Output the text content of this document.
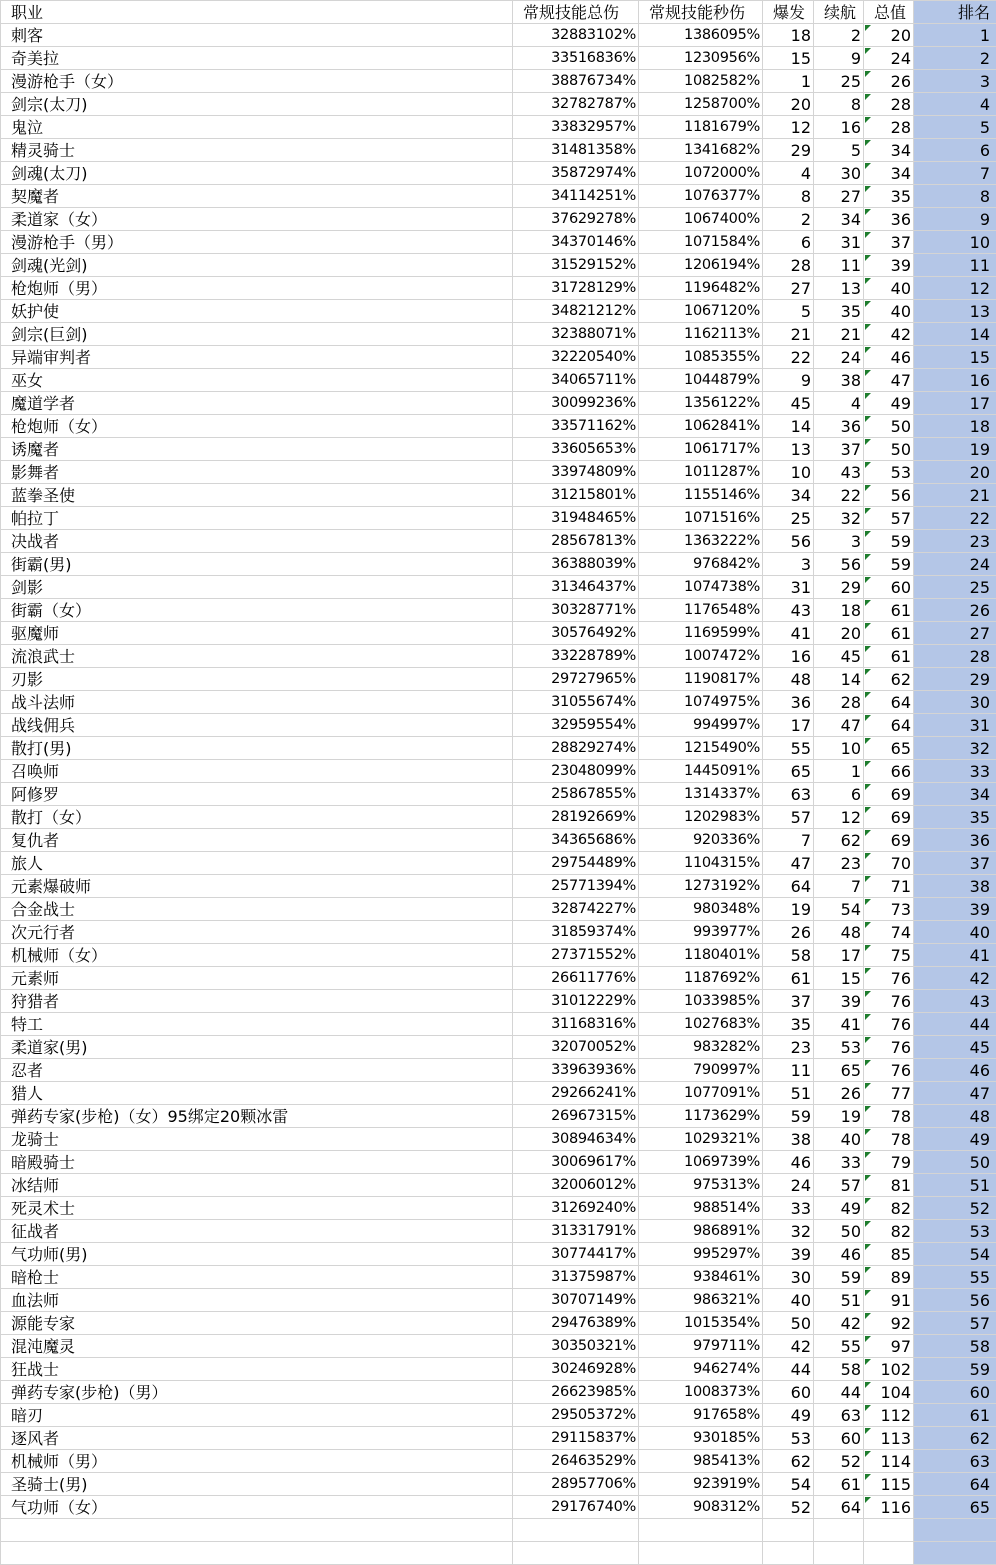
职业	常规技能总伤	常规技能秒伤	爆发	续航	总值	排名
刺客	32883102%	1386095%	18	2	20	1
奇美拉	33516836%	1230956%	15	9	24	2
漫游枪手（女）	38876734%	1082582%	1	25	26	3
剑宗(太刀)	32782787%	1258700%	20	8	28	4
鬼泣	33832957%	1181679%	12	16	28	5
精灵骑士	31481358%	1341682%	29	5	34	6
剑魂(太刀)	35872974%	1072000%	4	30	34	7
契魔者	34114251%	1076377%	8	27	35	8
柔道家（女）	37629278%	1067400%	2	34	36	9
漫游枪手（男）	34370146%	1071584%	6	31	37	10
剑魂(光剑)	31529152%	1206194%	28	11	39	11
枪炮师（男）	31728129%	1196482%	27	13	40	12
妖护使	34821212%	1067120%	5	35	40	13
剑宗(巨剑)	32388071%	1162113%	21	21	42	14
异端审判者	32220540%	1085355%	22	24	46	15
巫女	34065711%	1044879%	9	38	47	16
魔道学者	30099236%	1356122%	45	4	49	17
枪炮师（女）	33571162%	1062841%	14	36	50	18
诱魔者	33605653%	1061717%	13	37	50	19
影舞者	33974809%	1011287%	10	43	53	20
蓝拳圣使	31215801%	1155146%	34	22	56	21
帕拉丁	31948465%	1071516%	25	32	57	22
决战者	28567813%	1363222%	56	3	59	23
街霸(男)	36388039%	976842%	3	56	59	24
剑影	31346437%	1074738%	31	29	60	25
街霸（女）	30328771%	1176548%	43	18	61	26
驱魔师	30576492%	1169599%	41	20	61	27
流浪武士	33228789%	1007472%	16	45	61	28
刃影	29727965%	1190817%	48	14	62	29
战斗法师	31055674%	1074975%	36	28	64	30
战线佣兵	32959554%	994997%	17	47	64	31
散打(男)	28829274%	1215490%	55	10	65	32
召唤师	23048099%	1445091%	65	1	66	33
阿修罗	25867855%	1314337%	63	6	69	34
散打（女）	28192669%	1202983%	57	12	69	35
复仇者	34365686%	920336%	7	62	69	36
旅人	29754489%	1104315%	47	23	70	37
元素爆破师	25771394%	1273192%	64	7	71	38
合金战士	32874227%	980348%	19	54	73	39
次元行者	31859374%	993977%	26	48	74	40
机械师（女）	27371552%	1180401%	58	17	75	41
元素师	26611776%	1187692%	61	15	76	42
狩猎者	31012229%	1033985%	37	39	76	43
特工	31168316%	1027683%	35	41	76	44
柔道家(男)	32070052%	983282%	23	53	76	45
忍者	33963936%	790997%	11	65	76	46
猎人	29266241%	1077091%	51	26	77	47
弹药专家(步枪)（女）95绑定20颗冰雷	26967315%	1173629%	59	19	78	48
龙骑士	30894634%	1029321%	38	40	78	49
暗殿骑士	30069617%	1069739%	46	33	79	50
冰结师	32006012%	975313%	24	57	81	51
死灵术士	31269240%	988514%	33	49	82	52
征战者	31331791%	986891%	32	50	82	53
气功师(男)	30774417%	995297%	39	46	85	54
暗枪士	31375987%	938461%	30	59	89	55
血法师	30707149%	986321%	40	51	91	56
源能专家	29476389%	1015354%	50	42	92	57
混沌魔灵	30350321%	979711%	42	55	97	58
狂战士	30246928%	946274%	44	58	102	59
弹药专家(步枪)（男）	26623985%	1008373%	60	44	104	60
暗刃	29505372%	917658%	49	63	112	61
逐风者	29115837%	930185%	53	60	113	62
机械师（男）	26463529%	985413%	62	52	114	63
圣骑士(男)	28957706%	923919%	54	61	115	64
气功师（女）	29176740%	908312%	52	64	116	65
